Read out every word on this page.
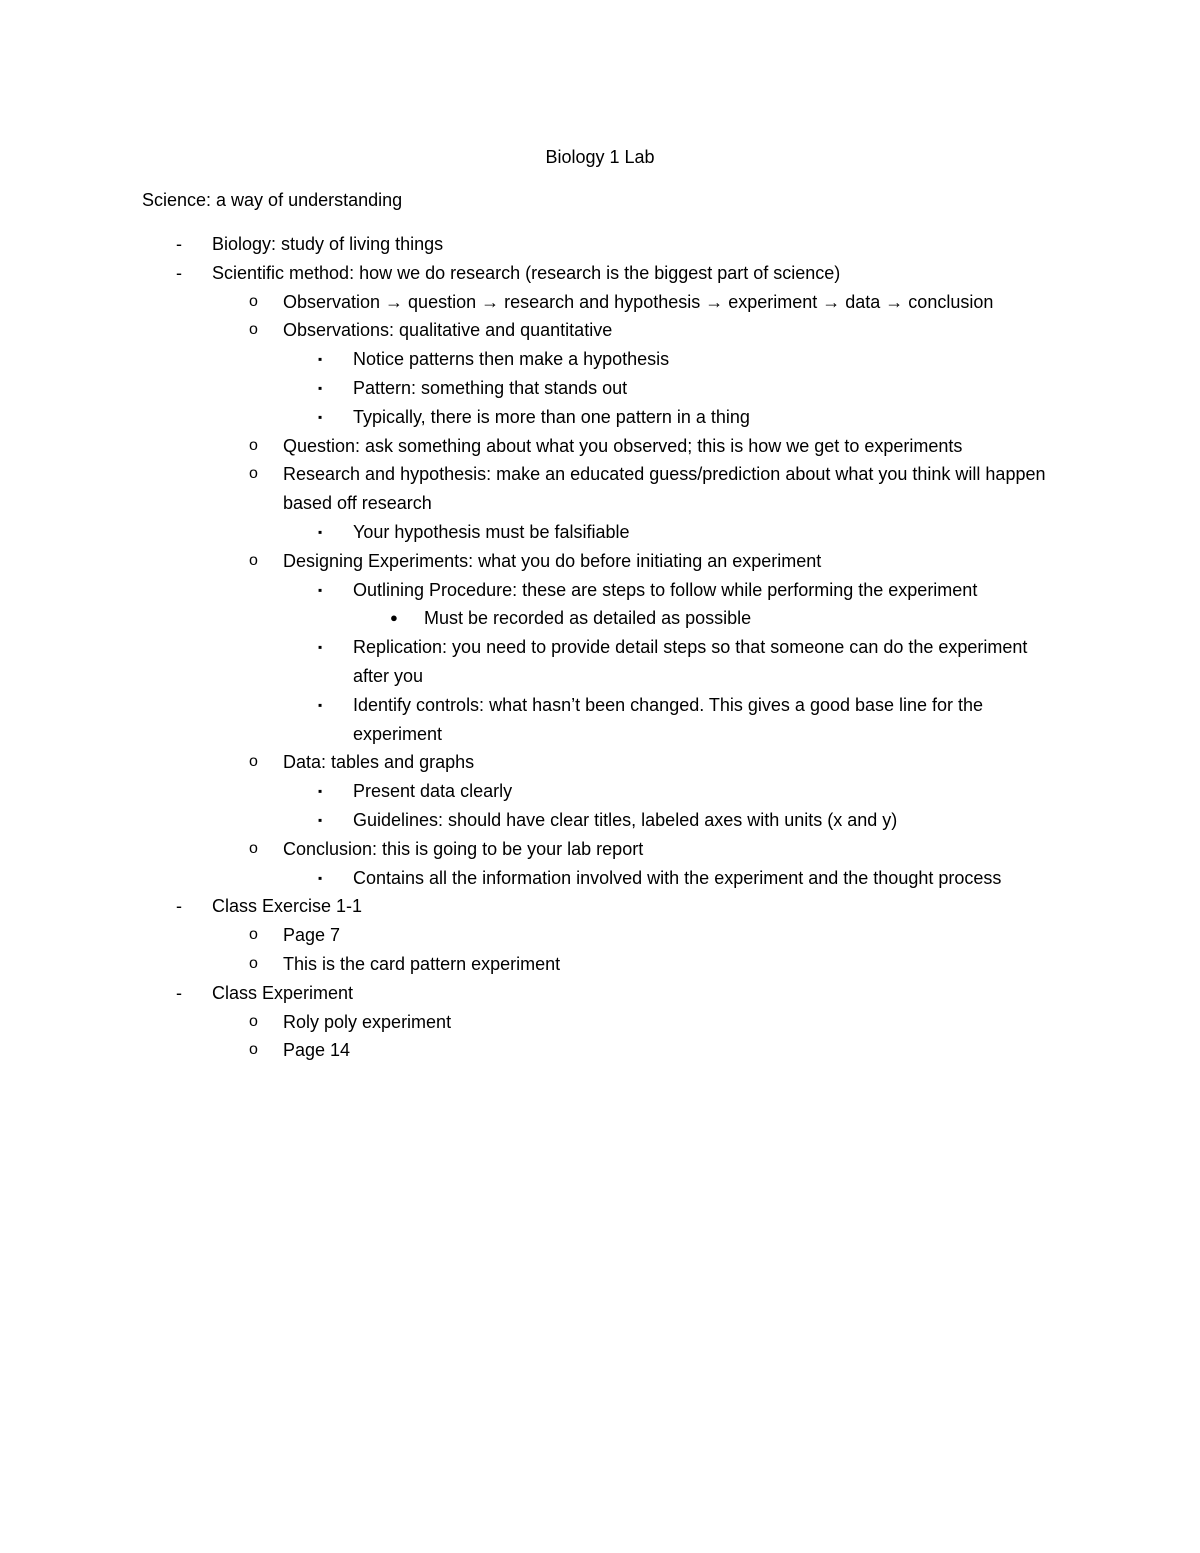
Biology 1 Lab
Science: a way of understanding
- Biology: study of living things
- Scientific method: how we do research (research is the biggest part of science)
o Observation → question → research and hypothesis → experiment → data → conclusion
o Observations: qualitative and quantitative
▪ Notice patterns then make a hypothesis
▪ Pattern: something that stands out
▪ Typically, there is more than one pattern in a thing
o Question: ask something about what you observed; this is how we get to experiments
o Research and hypothesis: make an educated guess/prediction about what you think will happen based off research
▪ Your hypothesis must be falsifiable
o Designing Experiments: what you do before initiating an experiment
▪ Outlining Procedure: these are steps to follow while performing the experiment
● Must be recorded as detailed as possible
▪ Replication: you need to provide detail steps so that someone can do the experiment after you
▪ Identify controls: what hasn’t been changed. This gives a good base line for the experiment
o Data: tables and graphs
▪ Present data clearly
▪ Guidelines: should have clear titles, labeled axes with units (x and y)
o Conclusion: this is going to be your lab report
▪ Contains all the information involved with the experiment and the thought process
- Class Exercise 1-1
o Page 7
o This is the card pattern experiment
- Class Experiment
o Roly poly experiment
o Page 14
